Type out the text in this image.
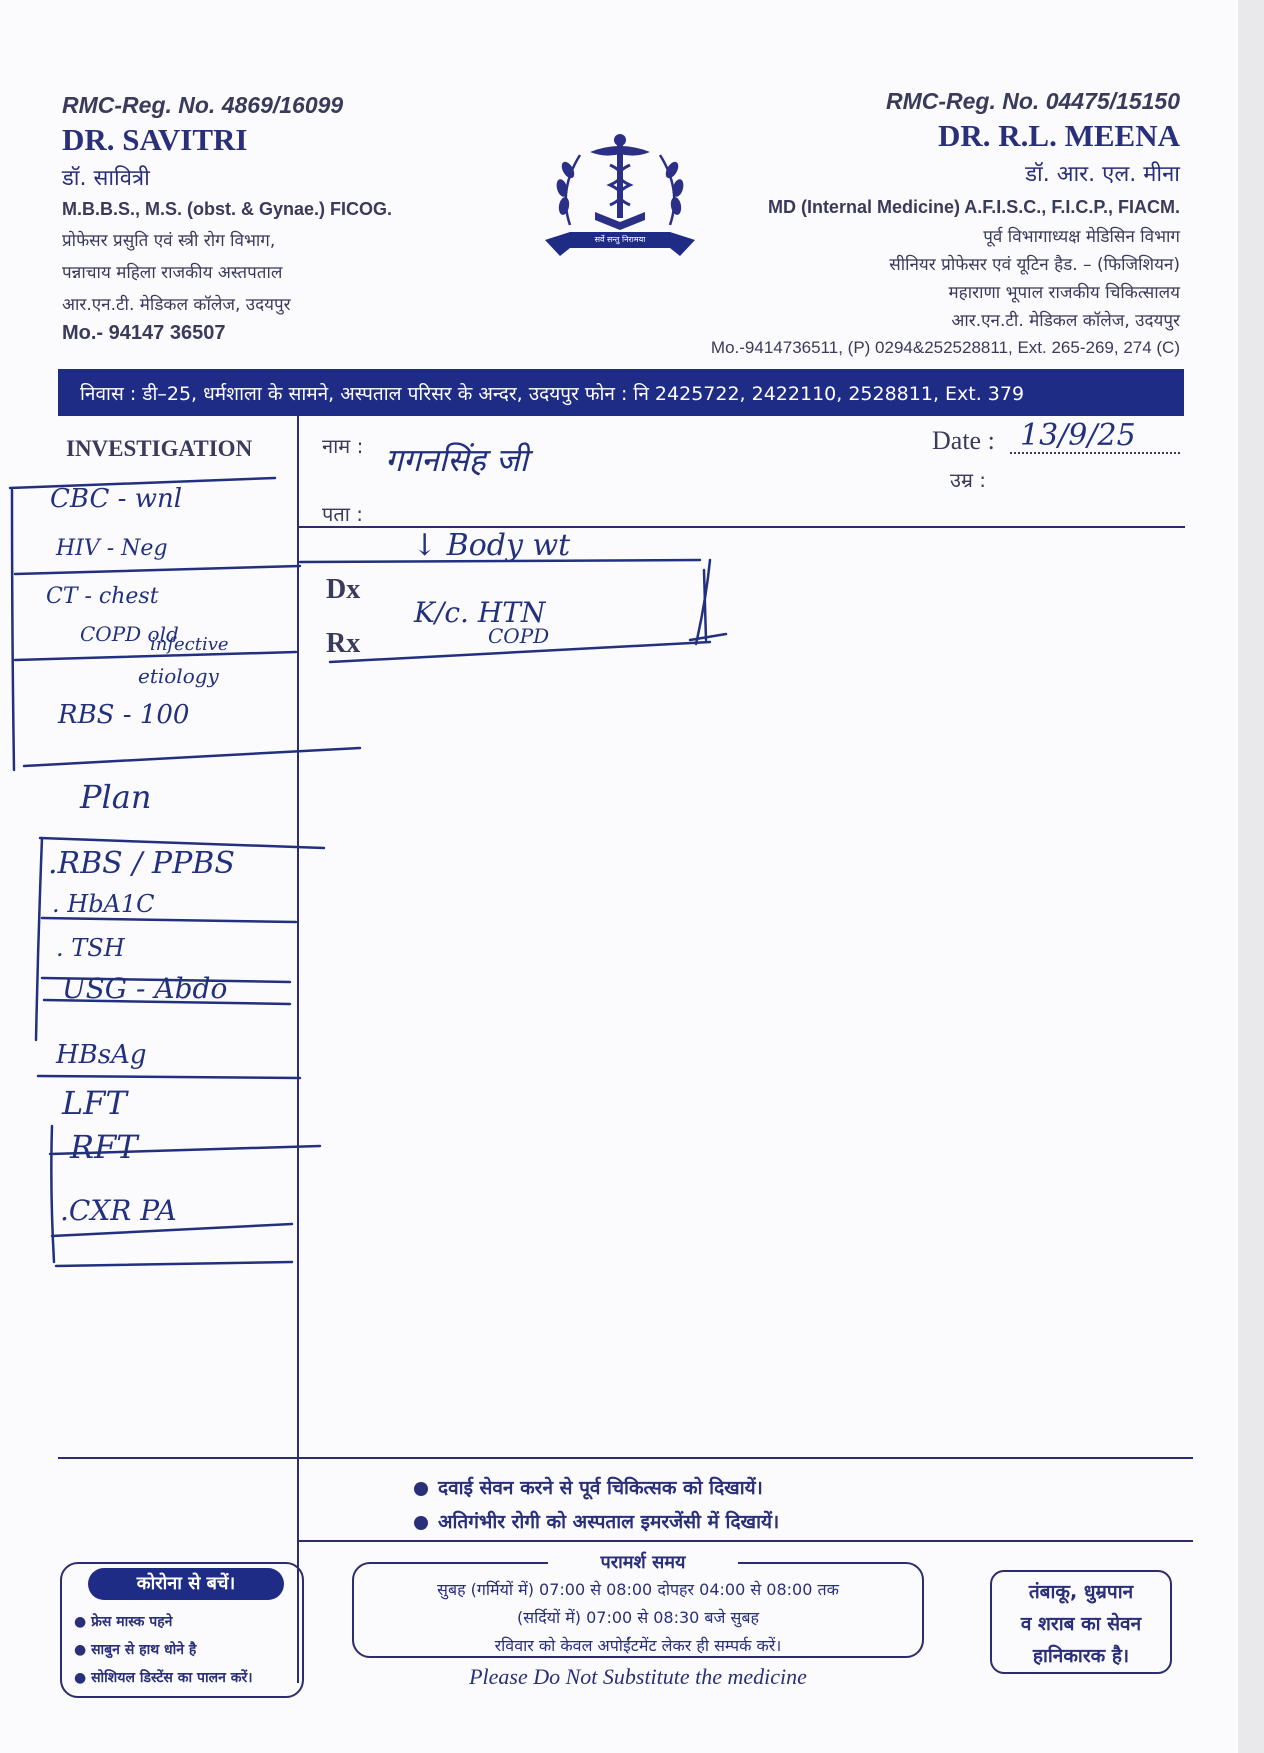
RMC-Reg. No. 4869/16099
DR. SAVITRI
डॉ. सावित्री
M.B.B.S., M.S. (obst. & Gynae.) FICOG.
प्रोफेसर प्रसुति एवं स्त्री रोग विभाग,
पन्नाचाय महिला राजकीय अस्तपताल
आर.एन.टी. मेडिकल कॉलेज, उदयपुर
Mo.- 94147 36507
सर्वे सन्तु निरामया
RMC-Reg. No. 04475/15150
DR. R.L. MEENA
डॉ. आर. एल. मीना
MD (Internal Medicine) A.F.I.S.C., F.I.C.P., FIACM.
पूर्व विभागाध्यक्ष मेडिसिन विभाग
सीनियर प्रोफेसर एवं यूटिन हैड. – (फिजिशियन)
महाराणा भूपाल राजकीय चिकित्सालय
आर.एन.टी. मेडिकल कॉलेज, उदयपुर
Mo.-9414736511, (P) 0294&252528811, Ext. 265-269, 274 (C)
निवास : डी–25, धर्मशाला के सामने, अस्पताल परिसर के अन्दर, उदयपुर फोन : नि 2425722, 2422110, 2528811, Ext. 379
INVESTIGATION	नाम :
पता :
Date :
उम्र :
गगनसिंह जी
13/9/25
CBC - wnl
HIV - Neg
CT - chest
COPD old
infective
etiology
RBS - 100
Plan
.RBS / PPBS
. HbA1C
. TSH
USG - Abdo
HBsAg
LFT
RFT
.CXR PA
↓ Body wt
Dx
Rx
K/c. HTN
COPD
दवाई सेवन करने से पूर्व चिकित्सक को दिखायें।
अतिगंभीर रोगी को अस्पताल इमरजेंसी में दिखायें।
कोरोना से बचें।
● फ्रेस मास्क पहने
● साबुन से हाथ धोने है
● सोशियल डिस्टेंस का पालन करें।
परामर्श समय
सुबह (गर्मियों में) 07:00 से 08:00 दोपहर 04:00 से 08:00 तक
(सर्दियों में) 07:00 से 08:30 बजे सुबह
रविवार को केवल अपोईंटमेंट लेकर ही सम्पर्क करें।
Please Do Not Substitute the medicine
तंबाकू, धुम्रपान
व शराब का सेवन
हानिकारक है।
